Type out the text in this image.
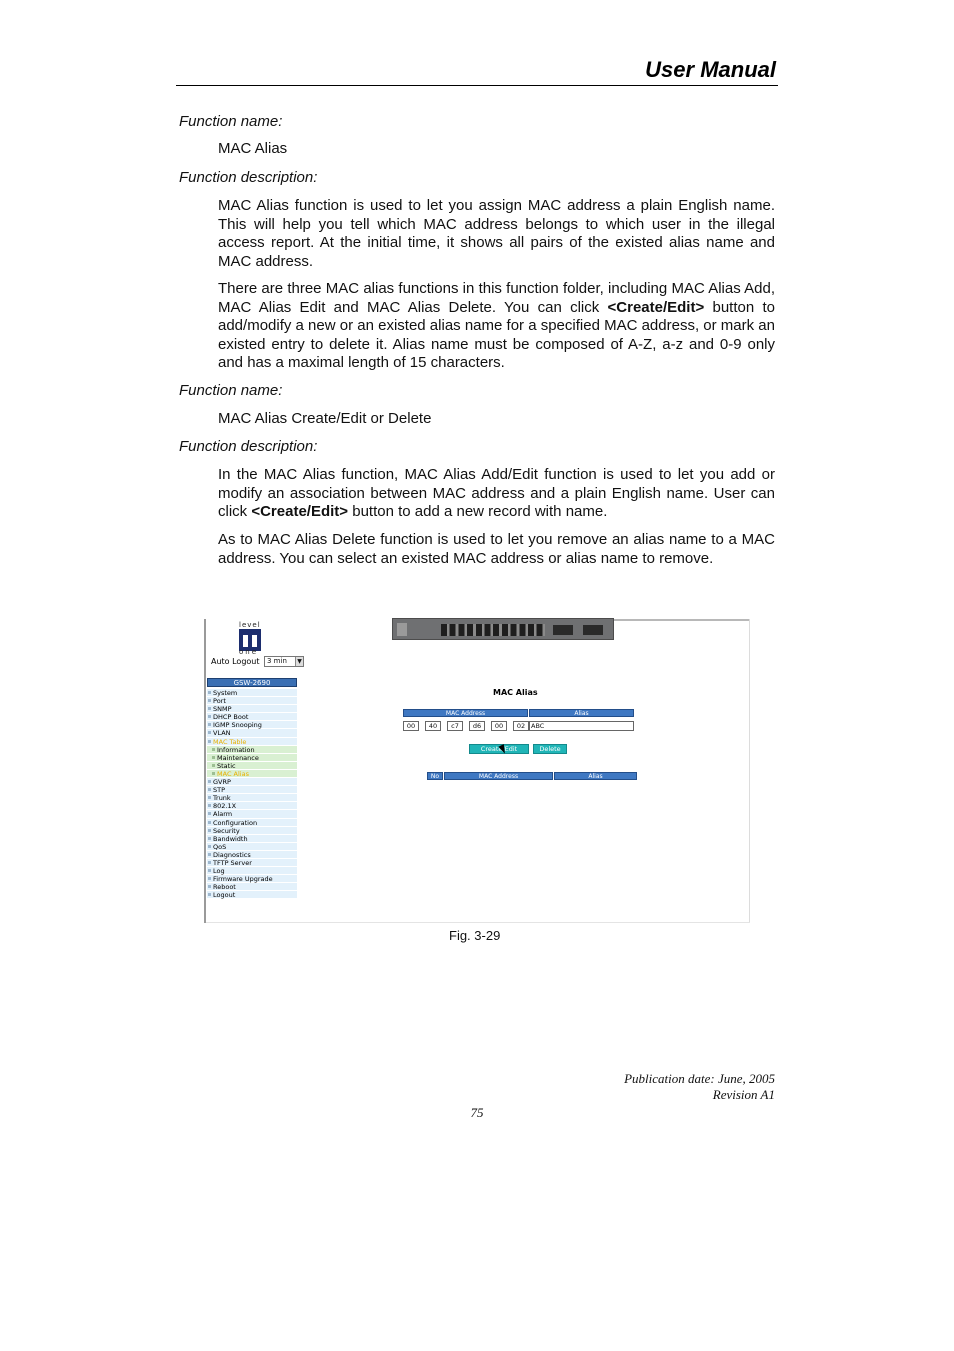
User Manual
Function name:
MAC Alias
Function description:

MAC Alias function is used to let you assign MAC address a plain English name. This will help you tell which MAC address belongs to which user in the illegal access report. At the initial time, it shows all pairs of the existed alias name and MAC address.

There are three MAC alias functions in this function folder, including MAC Alias Add, MAC Alias Edit and MAC Alias Delete. You can click <Create/Edit> button to add/modify a new or an existed alias name for a specified MAC address, or mark an existed entry to delete it. Alias name must be composed of A-Z, a-z and 0-9 only and has a maximal length of 15 characters.

Function name:
MAC Alias Create/Edit or Delete
Function description:

In the MAC Alias function, MAC Alias Add/Edit function is used to let you add or modify an association between MAC address and a plain English name. User can click <Create/Edit> button to add a new record with name.

As to MAC Alias Delete function is used to let you remove an alias name to a MAC address. You can select an existed MAC address or alias name to remove.

level
one
Auto Logout	3 min	▼
GSW-2690
System
Port
SNMP
DHCP Boot
IGMP Snooping
VLAN
MAC Table
Information
Maintenance
Static
MAC Alias
GVRP
STP
Trunk
802.1X
Alarm
Configuration
Security
Bandwidth
QoS
Diagnostics
TFTP Server
Log
Firmware Upgrade
Reboot
Logout
MAC Alias
MAC Address	Alias
00	40	c7	d6	00	02 ABC
Create/Edit	Delete
No	MAC Address	Alias
Fig. 3-29
Publication date: June, 2005
Revision A1
75
